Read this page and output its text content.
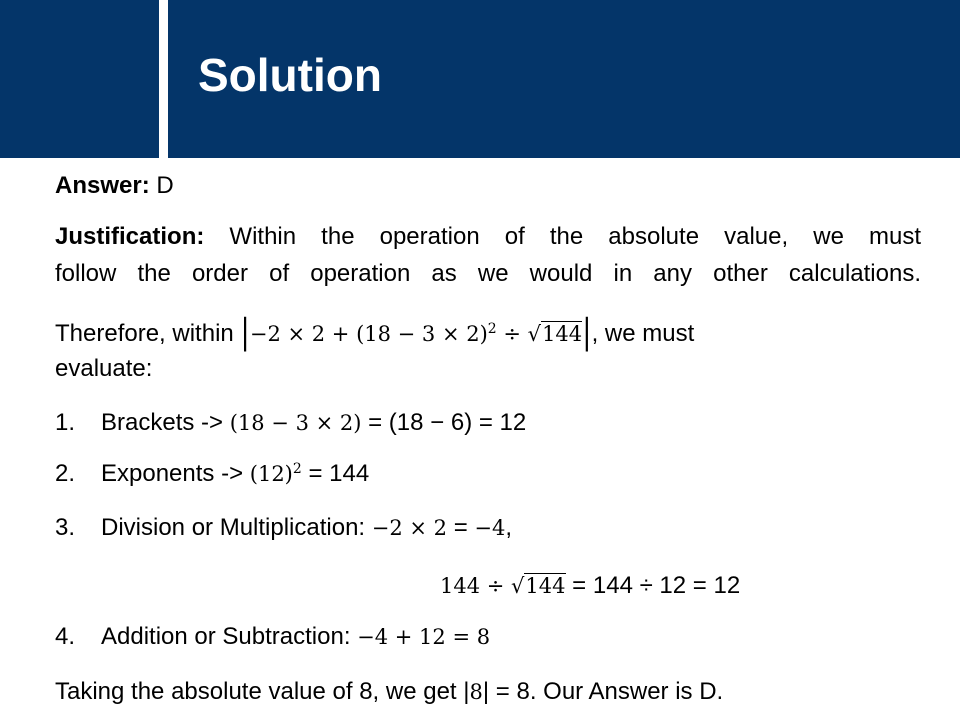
Solution
Answer: D
Justification: Within the operation of the absolute value, we must
follow the order of operation as we would in any other calculations.
Therefore, within $|-2 \times 2 + (18 - 3 \times 2)^2 \div √144|$, we must
evaluate:
1. Brackets -> (18 − 3 × 2) = (18 − 6) = 12
2. Exponents -> $(12)^2 = 144$
3. Division or Multiplication: −2 × 2 = −4,
144 ÷ √144 = 144 ÷ 12 = 12
4. Addition or Subtraction: −4 + 12 = 8
Taking the absolute value of 8, we get |8| = 8. Our Answer is D.
